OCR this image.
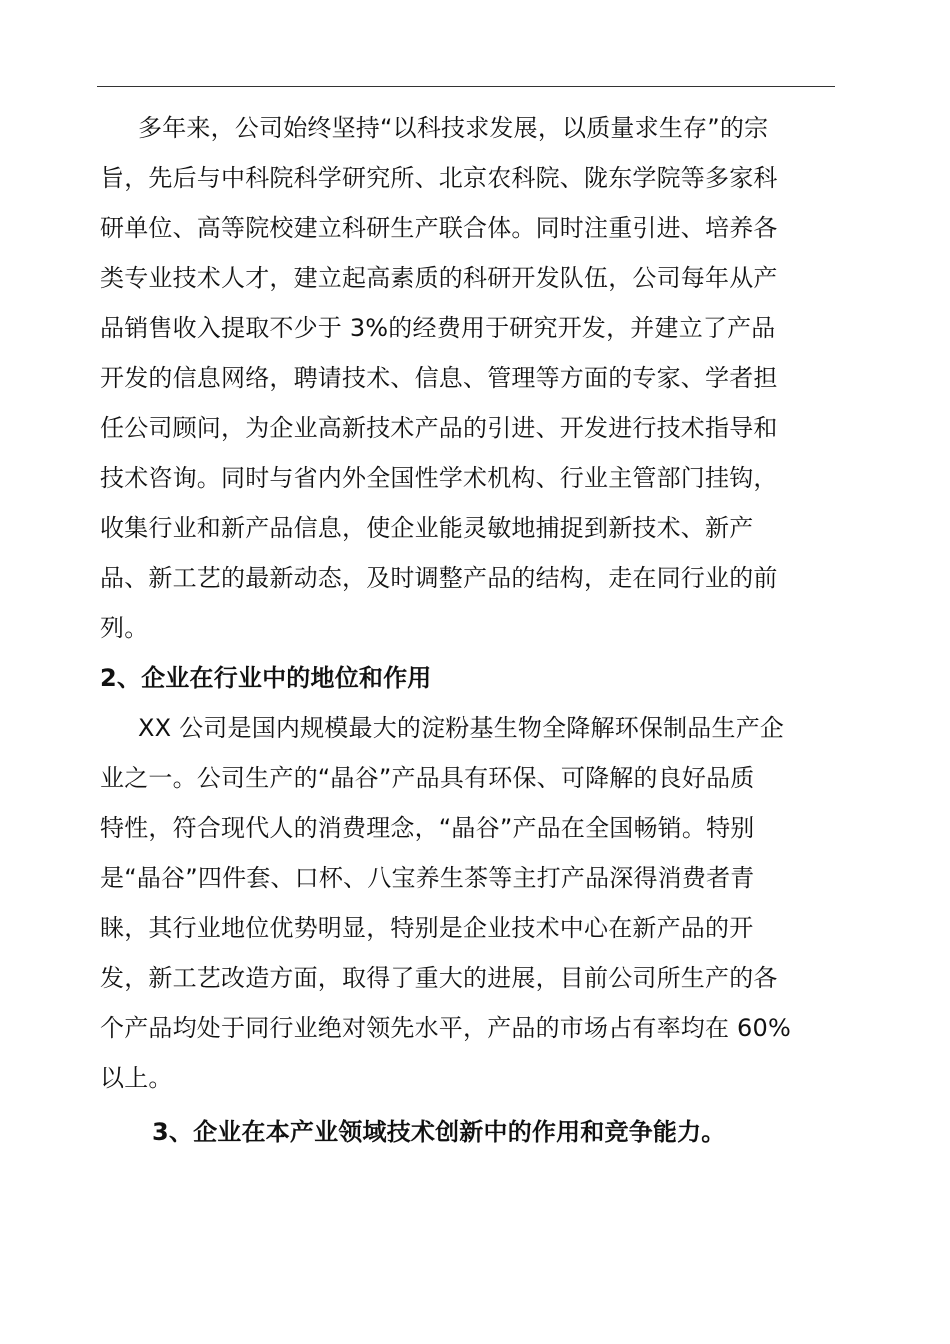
多年来，公司始终坚持“以科技求发展，以质量求生存”的宗
旨，先后与中科院科学研究所、北京农科院、陇东学院等多家科
研单位、高等院校建立科研生产联合体。同时注重引进、培养各
类专业技术人才，建立起高素质的科研开发队伍，公司每年从产
品销售收入提取不少于 3%的经费用于研究开发，并建立了产品
开发的信息网络，聘请技术、信息、管理等方面的专家、学者担
任公司顾问，为企业高新技术产品的引进、开发进行技术指导和
技术咨询。同时与省内外全国性学术机构、行业主管部门挂钩，
收集行业和新产品信息，使企业能灵敏地捕捉到新技术、新产
品、新工艺的最新动态，及时调整产品的结构，走在同行业的前
列。
2、企业在行业中的地位和作用
XX 公司是国内规模最大的淀粉基生物全降解环保制品生产企
业之一。公司生产的“晶谷”产品具有环保、可降解的良好品质
特性，符合现代人的消费理念，“晶谷”产品在全国畅销。特别
是“晶谷”四件套、口杯、八宝养生茶等主打产品深得消费者青
睐，其行业地位优势明显，特别是企业技术中心在新产品的开
发，新工艺改造方面，取得了重大的进展，目前公司所生产的各
个产品均处于同行业绝对领先水平，产品的市场占有率均在 60%
以上。
3、企业在本产业领域技术创新中的作用和竞争能力。
